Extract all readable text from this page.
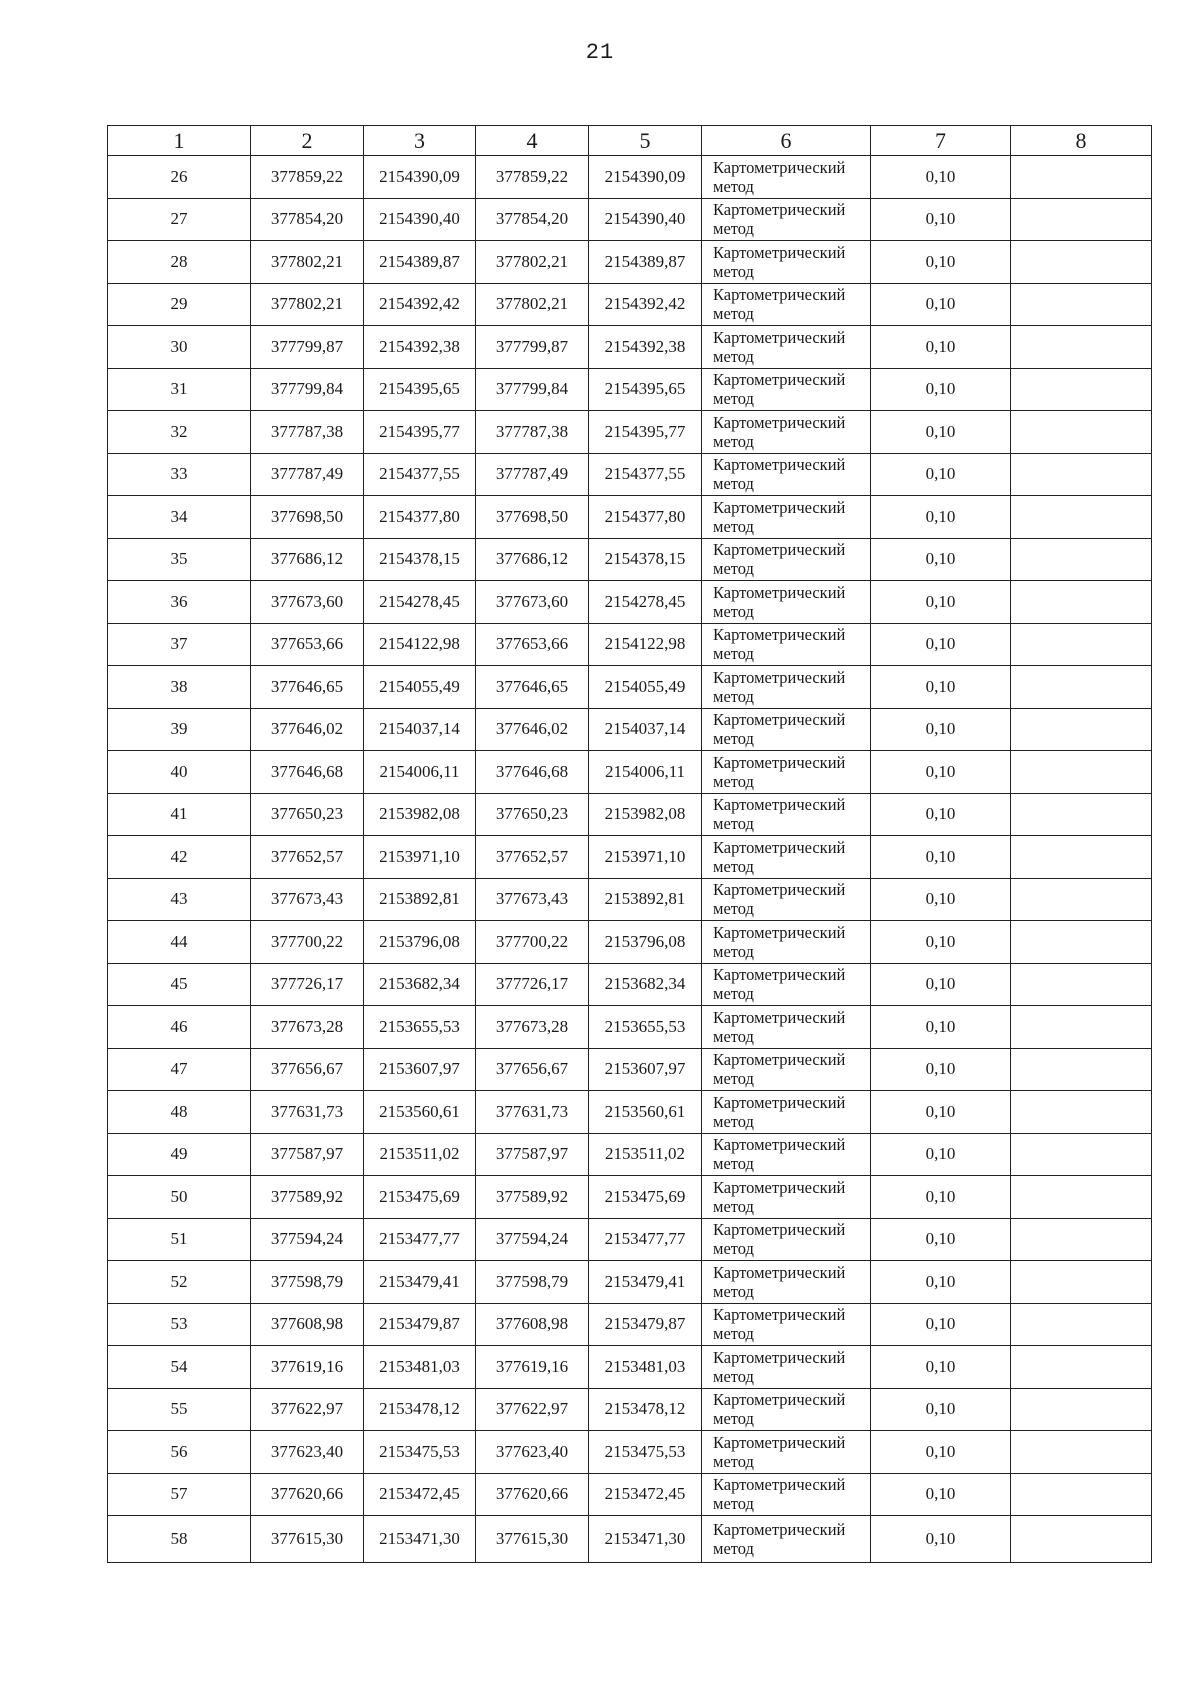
21
1	2	3	4	5	6	7	8
26	377859,22	2154390,09	377859,22	2154390,09	Картометрический
метод	0,10	
27	377854,20	2154390,40	377854,20	2154390,40	Картометрический
метод	0,10	
28	377802,21	2154389,87	377802,21	2154389,87	Картометрический
метод	0,10	
29	377802,21	2154392,42	377802,21	2154392,42	Картометрический
метод	0,10	
30	377799,87	2154392,38	377799,87	2154392,38	Картометрический
метод	0,10	
31	377799,84	2154395,65	377799,84	2154395,65	Картометрический
метод	0,10	
32	377787,38	2154395,77	377787,38	2154395,77	Картометрический
метод	0,10	
33	377787,49	2154377,55	377787,49	2154377,55	Картометрический
метод	0,10	
34	377698,50	2154377,80	377698,50	2154377,80	Картометрический
метод	0,10	
35	377686,12	2154378,15	377686,12	2154378,15	Картометрический
метод	0,10	
36	377673,60	2154278,45	377673,60	2154278,45	Картометрический
метод	0,10	
37	377653,66	2154122,98	377653,66	2154122,98	Картометрический
метод	0,10	
38	377646,65	2154055,49	377646,65	2154055,49	Картометрический
метод	0,10	
39	377646,02	2154037,14	377646,02	2154037,14	Картометрический
метод	0,10	
40	377646,68	2154006,11	377646,68	2154006,11	Картометрический
метод	0,10	
41	377650,23	2153982,08	377650,23	2153982,08	Картометрический
метод	0,10	
42	377652,57	2153971,10	377652,57	2153971,10	Картометрический
метод	0,10	
43	377673,43	2153892,81	377673,43	2153892,81	Картометрический
метод	0,10	
44	377700,22	2153796,08	377700,22	2153796,08	Картометрический
метод	0,10	
45	377726,17	2153682,34	377726,17	2153682,34	Картометрический
метод	0,10	
46	377673,28	2153655,53	377673,28	2153655,53	Картометрический
метод	0,10	
47	377656,67	2153607,97	377656,67	2153607,97	Картометрический
метод	0,10	
48	377631,73	2153560,61	377631,73	2153560,61	Картометрический
метод	0,10	
49	377587,97	2153511,02	377587,97	2153511,02	Картометрический
метод	0,10	
50	377589,92	2153475,69	377589,92	2153475,69	Картометрический
метод	0,10	
51	377594,24	2153477,77	377594,24	2153477,77	Картометрический
метод	0,10	
52	377598,79	2153479,41	377598,79	2153479,41	Картометрический
метод	0,10	
53	377608,98	2153479,87	377608,98	2153479,87	Картометрический
метод	0,10	
54	377619,16	2153481,03	377619,16	2153481,03	Картометрический
метод	0,10	
55	377622,97	2153478,12	377622,97	2153478,12	Картометрический
метод	0,10	
56	377623,40	2153475,53	377623,40	2153475,53	Картометрический
метод	0,10	
57	377620,66	2153472,45	377620,66	2153472,45	Картометрический
метод	0,10	
58	377615,30	2153471,30	377615,30	2153471,30	Картометрический
метод	0,10	
